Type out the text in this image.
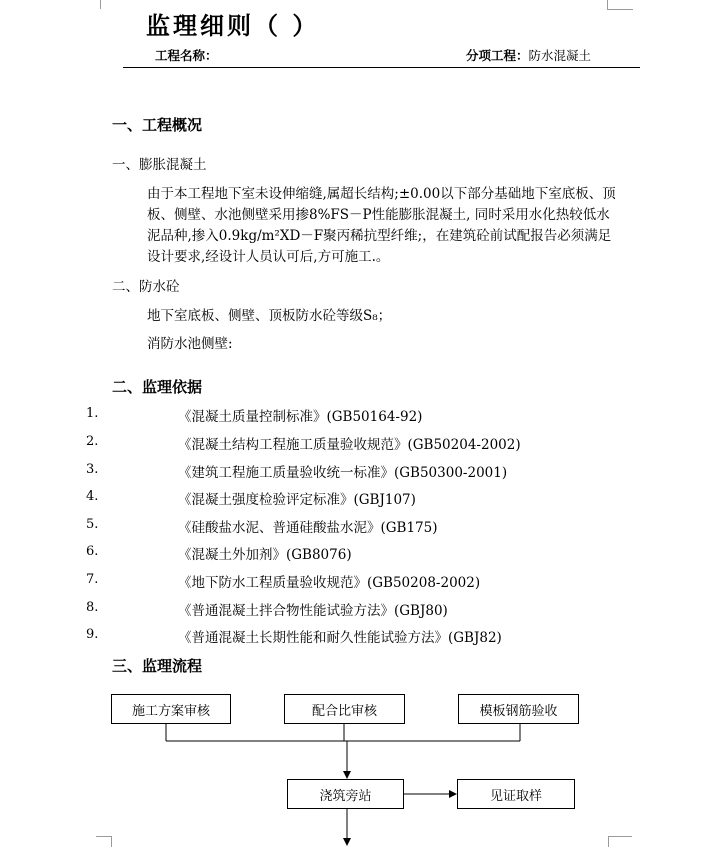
监理细则（ ）
工程名称：	分项工程：防水混凝土
一、工程概况
一、膨胀混凝土
由于本工程地下室未设伸缩缝,属超长结构;±0.00以下部分基础地下室底板、顶板、侧壁、水池侧壁采用掺8%FS－P性能膨胀混凝土, 同时采用水化热较低水泥品种,掺入0.9kg/m²XD－F聚丙稀抗型纤维;，在建筑砼前试配报告必须满足设计要求,经设计人员认可后,方可施工.。
二、防水砼
地下室底板、侧壁、顶板防水砼等级S₈；
消防水池侧壁:
二、监理依据
1.	《混凝土质量控制标准》(GB50164-92)
2.	《混凝土结构工程施工质量验收规范》(GB50204-2002)
3.	《建筑工程施工质量验收统一标准》(GB50300-2001)
4.	《混凝土强度检验评定标准》(GBJ107)
5.	《硅酸盐水泥、普通硅酸盐水泥》(GB175)
6.	《混凝土外加剂》(GB8076)
7.	《地下防水工程质量验收规范》(GB50208-2002)
8.	《普通混凝土拌合物性能试验方法》(GBJ80)
9.	《普通混凝土长期性能和耐久性能试验方法》(GBJ82)
三、监理流程
施工方案审核	配合比审核	模板钢筋验收
浇筑旁站	见证取样
